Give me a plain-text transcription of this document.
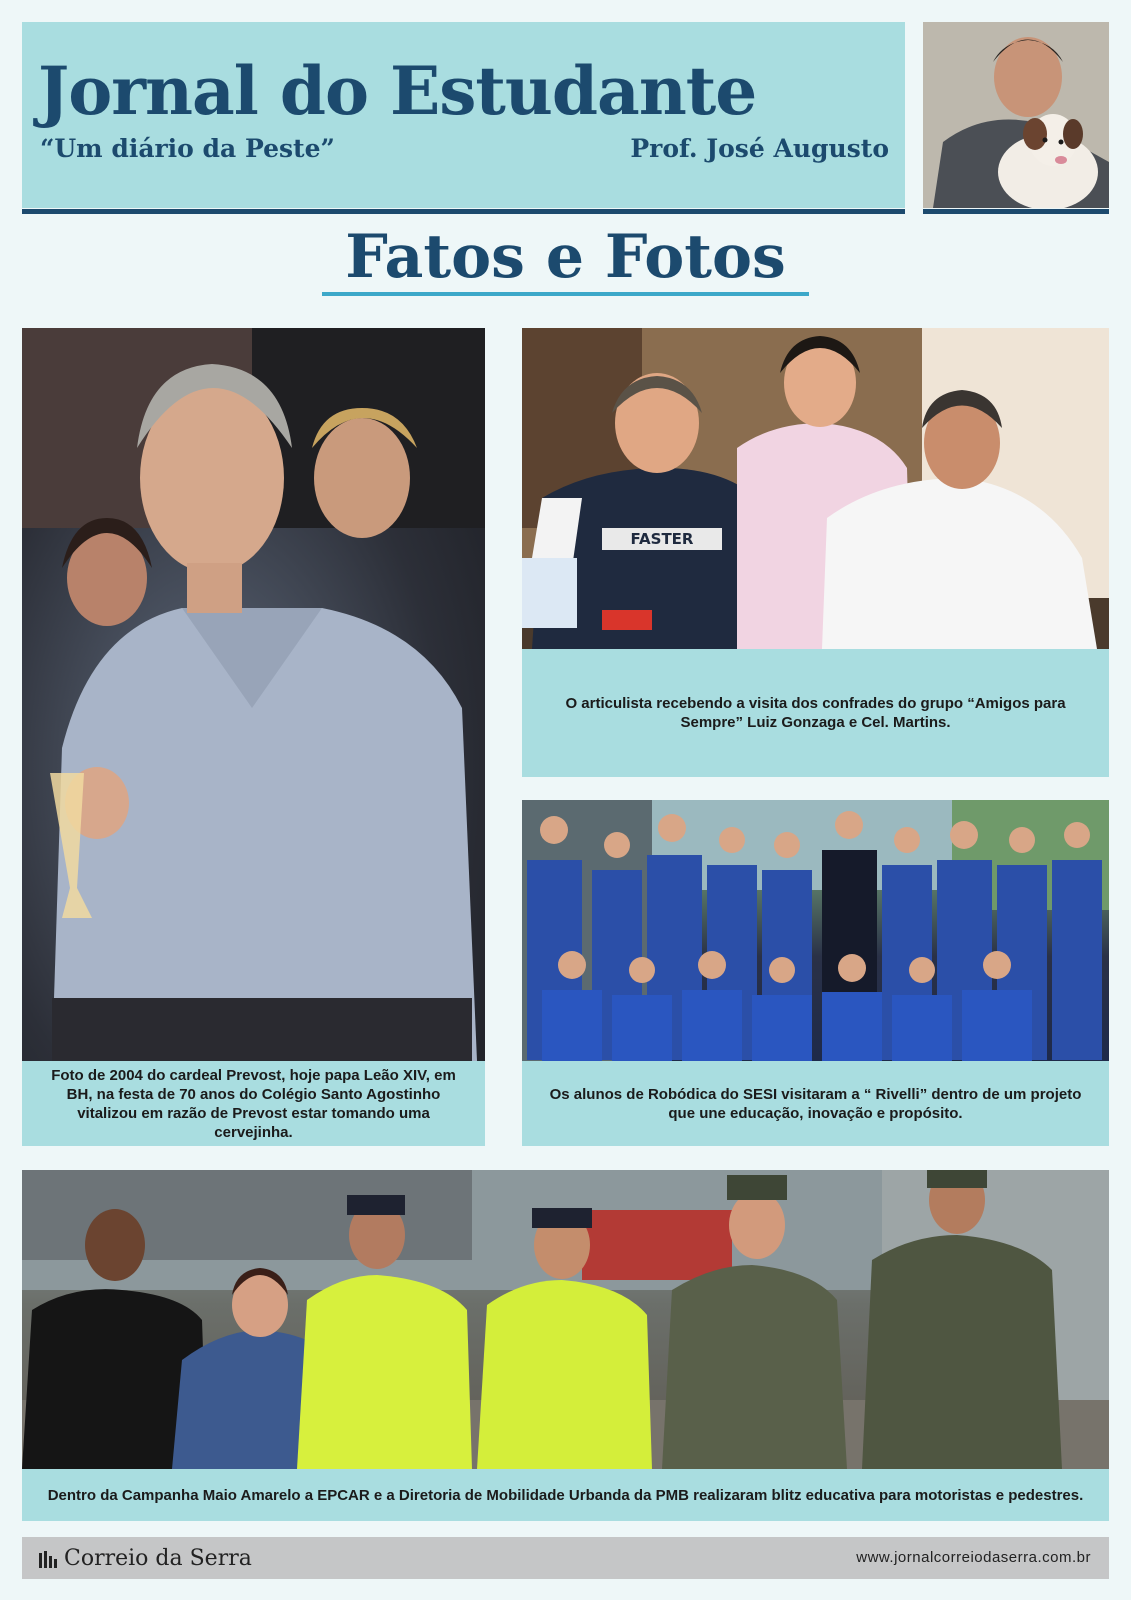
Jornal do Estudante
“Um diário da Peste”	Prof. José Augusto
Fatos e Fotos
Foto de 2004 do cardeal Prevost, hoje papa Leão XIV, em BH, na festa de 70 anos do Colégio Santo Agostinho vitalizou em razão de Prevost estar tomando uma cervejinha.
FASTER
O articulista recebendo a visita dos confrades do grupo “Amigos para Sempre” Luiz Gonzaga e Cel. Martins.
Os alunos de Robódica do SESI visitaram a “ Rivelli” dentro de um projeto que une educação, inovação e propósito.
Dentro da Campanha Maio Amarelo a EPCAR e a Diretoria de Mobilidade Urbanda da PMB realizaram blitz educativa para motoristas e pedestres.
Correio da Serra	www.jornalcorreiodaserra.com.br
